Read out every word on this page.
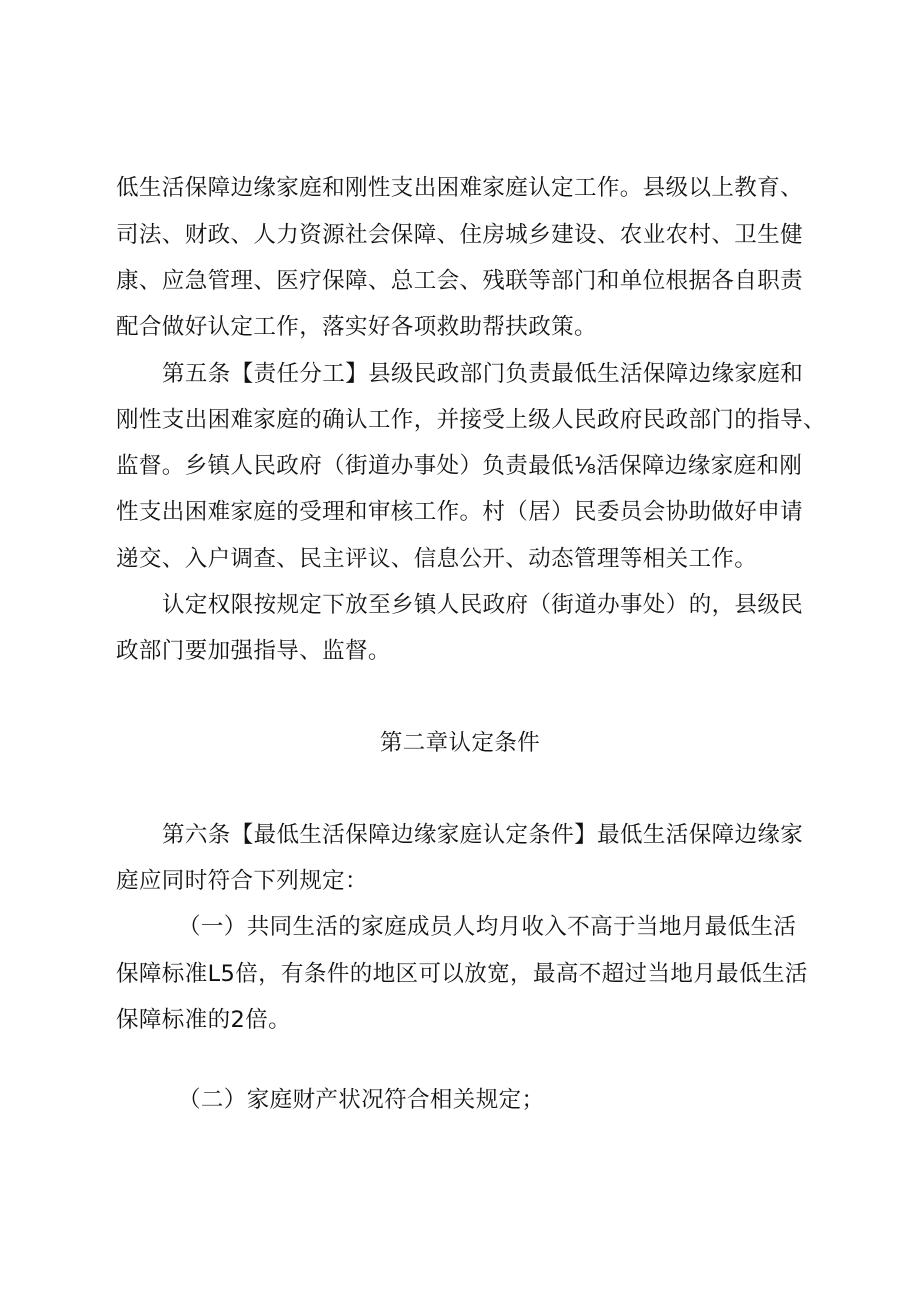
低生活保障边缘家庭和刚性支出困难家庭认定工作。县级以上教育、
司法、财政、人力资源社会保障、住房城乡建设、农业农村、卫生健
康、应急管理、医疗保障、总工会、残联等部门和单位根据各自职责
配合做好认定工作，落实好各项救助帮扶政策。
第五条【责任分工】县级民政部门负责最低生活保障边缘家庭和
刚性支出困难家庭的确认工作，并接受上级人民政府民政部门的指导、
监督。乡镇人民政府（街道办事处）负责最低⅛活保障边缘家庭和刚
性支出困难家庭的受理和审核工作。村（居）民委员会协助做好申请
递交、入户调查、民主评议、信息公开、动态管理等相关工作。
认定权限按规定下放至乡镇人民政府（街道办事处）的，县级民
政部门要加强指导、监督。
第二章认定条件
第六条【最低生活保障边缘家庭认定条件】最低生活保障边缘家
庭应同时符合下列规定：
（一）共同生活的家庭成员人均月收入不高于当地月最低生活
保障标准L5倍，有条件的地区可以放宽，最高不超过当地月最低生活
保障标准的2倍。
（二）家庭财产状况符合相关规定；
